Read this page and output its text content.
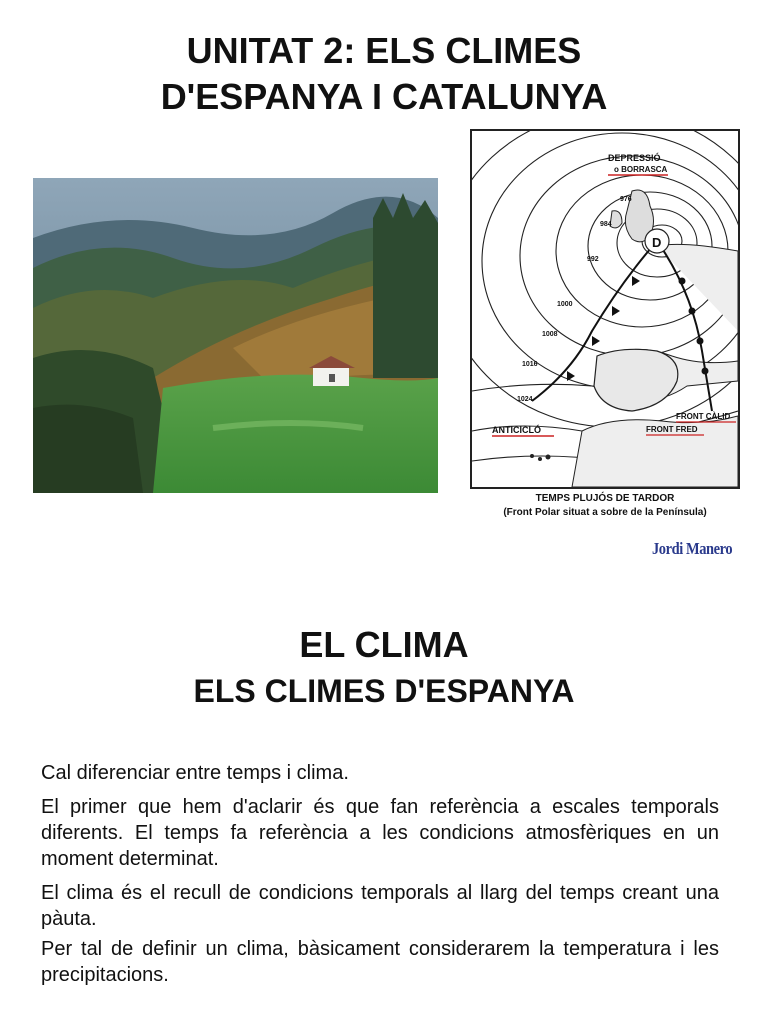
UNITAT 2: ELS CLIMES
D'ESPANYA I CATALUNYA
D
976
984
992
1000
1008
1016
1024
DEPRESSIÓ
o BORRASCA
FRONT CÀLID
FRONT FRED
ANTICICLÓ
TEMPS PLUJÓS DE TARDOR
(Front Polar situat a sobre de la Península)
Jordi Manero
EL CLIMA
ELS CLIMES D'ESPANYA

Cal diferenciar entre temps i clima.

El primer que hem d'aclarir és que fan referència a escales temporals diferents. El temps fa referència a les condicions atmosfèriques en un moment determinat.

El clima és el recull de condicions temporals al llarg del temps creant una pàuta.

Per tal de definir un clima, bàsicament considerarem la temperatura i les precipitacions.
